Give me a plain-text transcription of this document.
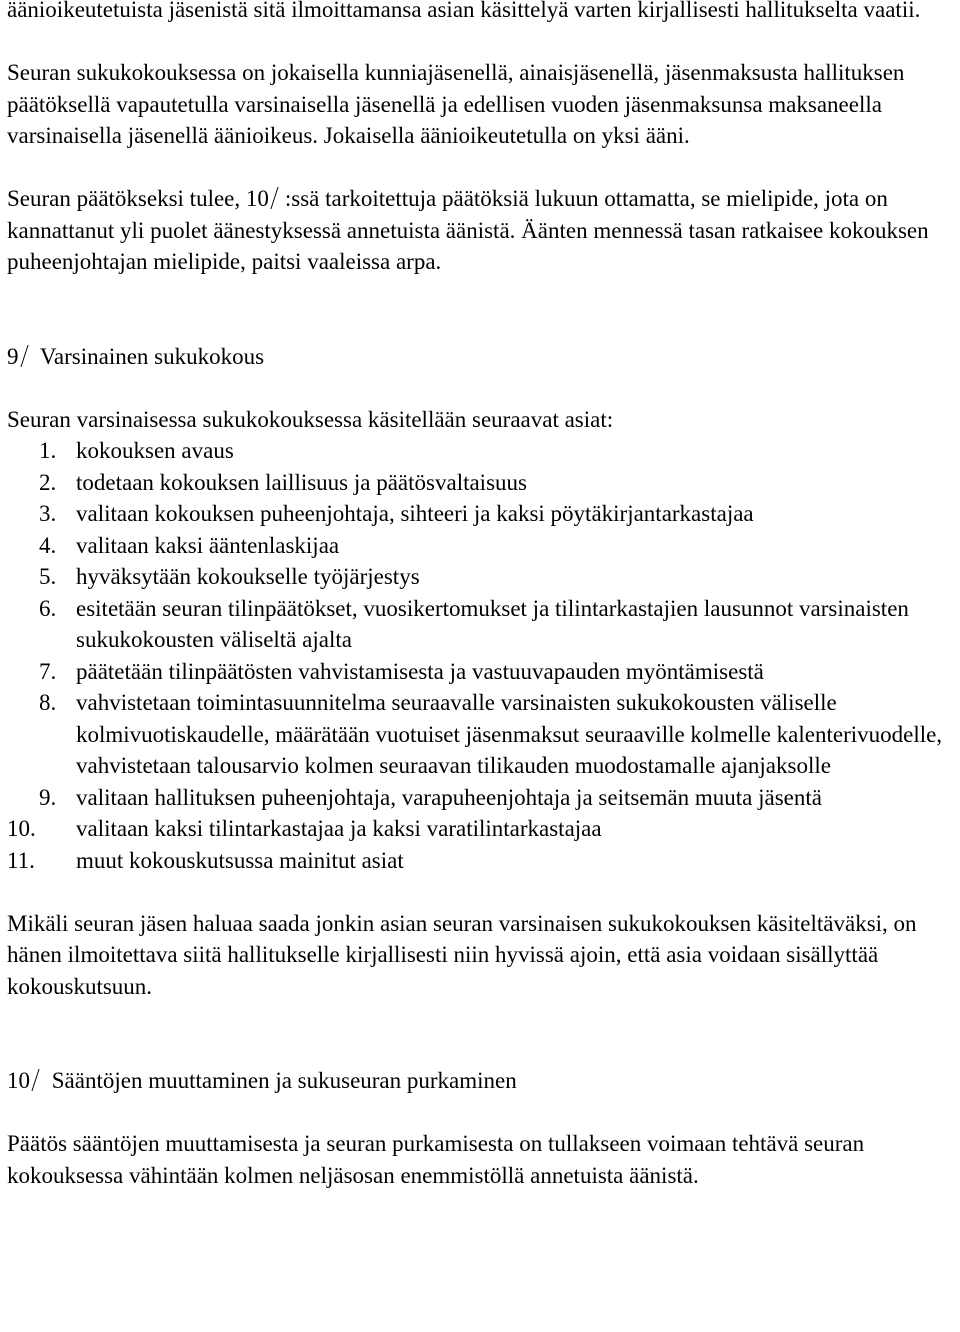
äänioikeutetuista jäsenistä sitä ilmoittamansa asian käsittelyä varten kirjallisesti hallitukselta vaatii.

Seuran sukukokouksessa on jokaisella kunniajäsenellä, ainaisjäsenellä, jäsenmaksusta hallituksen päätöksellä vapautetulla varsinaisella jäsenellä ja edellisen vuoden jäsenmaksunsa maksaneella varsinaisella jäsenellä äänioikeus. Jokaisella äänioikeutetulla on yksi ääni.

Seuran päätökseksi tulee, 10 :ssä tarkoitettuja päätöksiä lukuun ottamatta, se mielipide, jota on kannattanut yli puolet äänestyksessä annetuista äänistä. Äänten mennessä tasan ratkaisee kokouksen puheenjohtajan mielipide, paitsi vaaleissa arpa.

9 Varsinainen sukukokous

Seuran varsinaisessa sukukokouksessa käsitellään seuraavat asiat:

1. kokouksen avaus
2. todetaan kokouksen laillisuus ja päätösvaltaisuus
3. valitaan kokouksen puheenjohtaja, sihteeri ja kaksi pöytäkirjantarkastajaa
4. valitaan kaksi ääntenlaskijaa
5. hyväksytään kokoukselle työjärjestys
6. esitetään seuran tilinpäätökset, vuosikertomukset ja tilintarkastajien lausunnot varsinaisten sukukokousten väliseltä ajalta
7. päätetään tilinpäätösten vahvistamisesta ja vastuuvapauden myöntämisestä
8. vahvistetaan toimintasuunnitelma seuraavalle varsinaisten sukukokousten väliselle kolmivuotiskaudelle, määrätään vuotuiset jäsenmaksut seuraaville kolmelle kalenterivuodelle, vahvistetaan talousarvio kolmen seuraavan tilikauden muodostamalle ajanjaksolle
9. valitaan hallituksen puheenjohtaja, varapuheenjohtaja ja seitsemän muuta jäsentä
10.	valitaan kaksi tilintarkastajaa ja kaksi varatilintarkastajaa
11.	muut kokouskutsussa mainitut asiat

Mikäli seuran jäsen haluaa saada jonkin asian seuran varsinaisen sukukokouksen käsiteltäväksi, on hänen ilmoitettava siitä hallitukselle kirjallisesti niin hyvissä ajoin, että asia voidaan sisällyttää kokouskutsuun.

10 Sääntöjen muuttaminen ja sukuseuran purkaminen

Päätös sääntöjen muuttamisesta ja seuran purkamisesta on tullakseen voimaan tehtävä seuran kokouksessa vähintään kolmen neljäsosan enemmistöllä annetuista äänistä.
